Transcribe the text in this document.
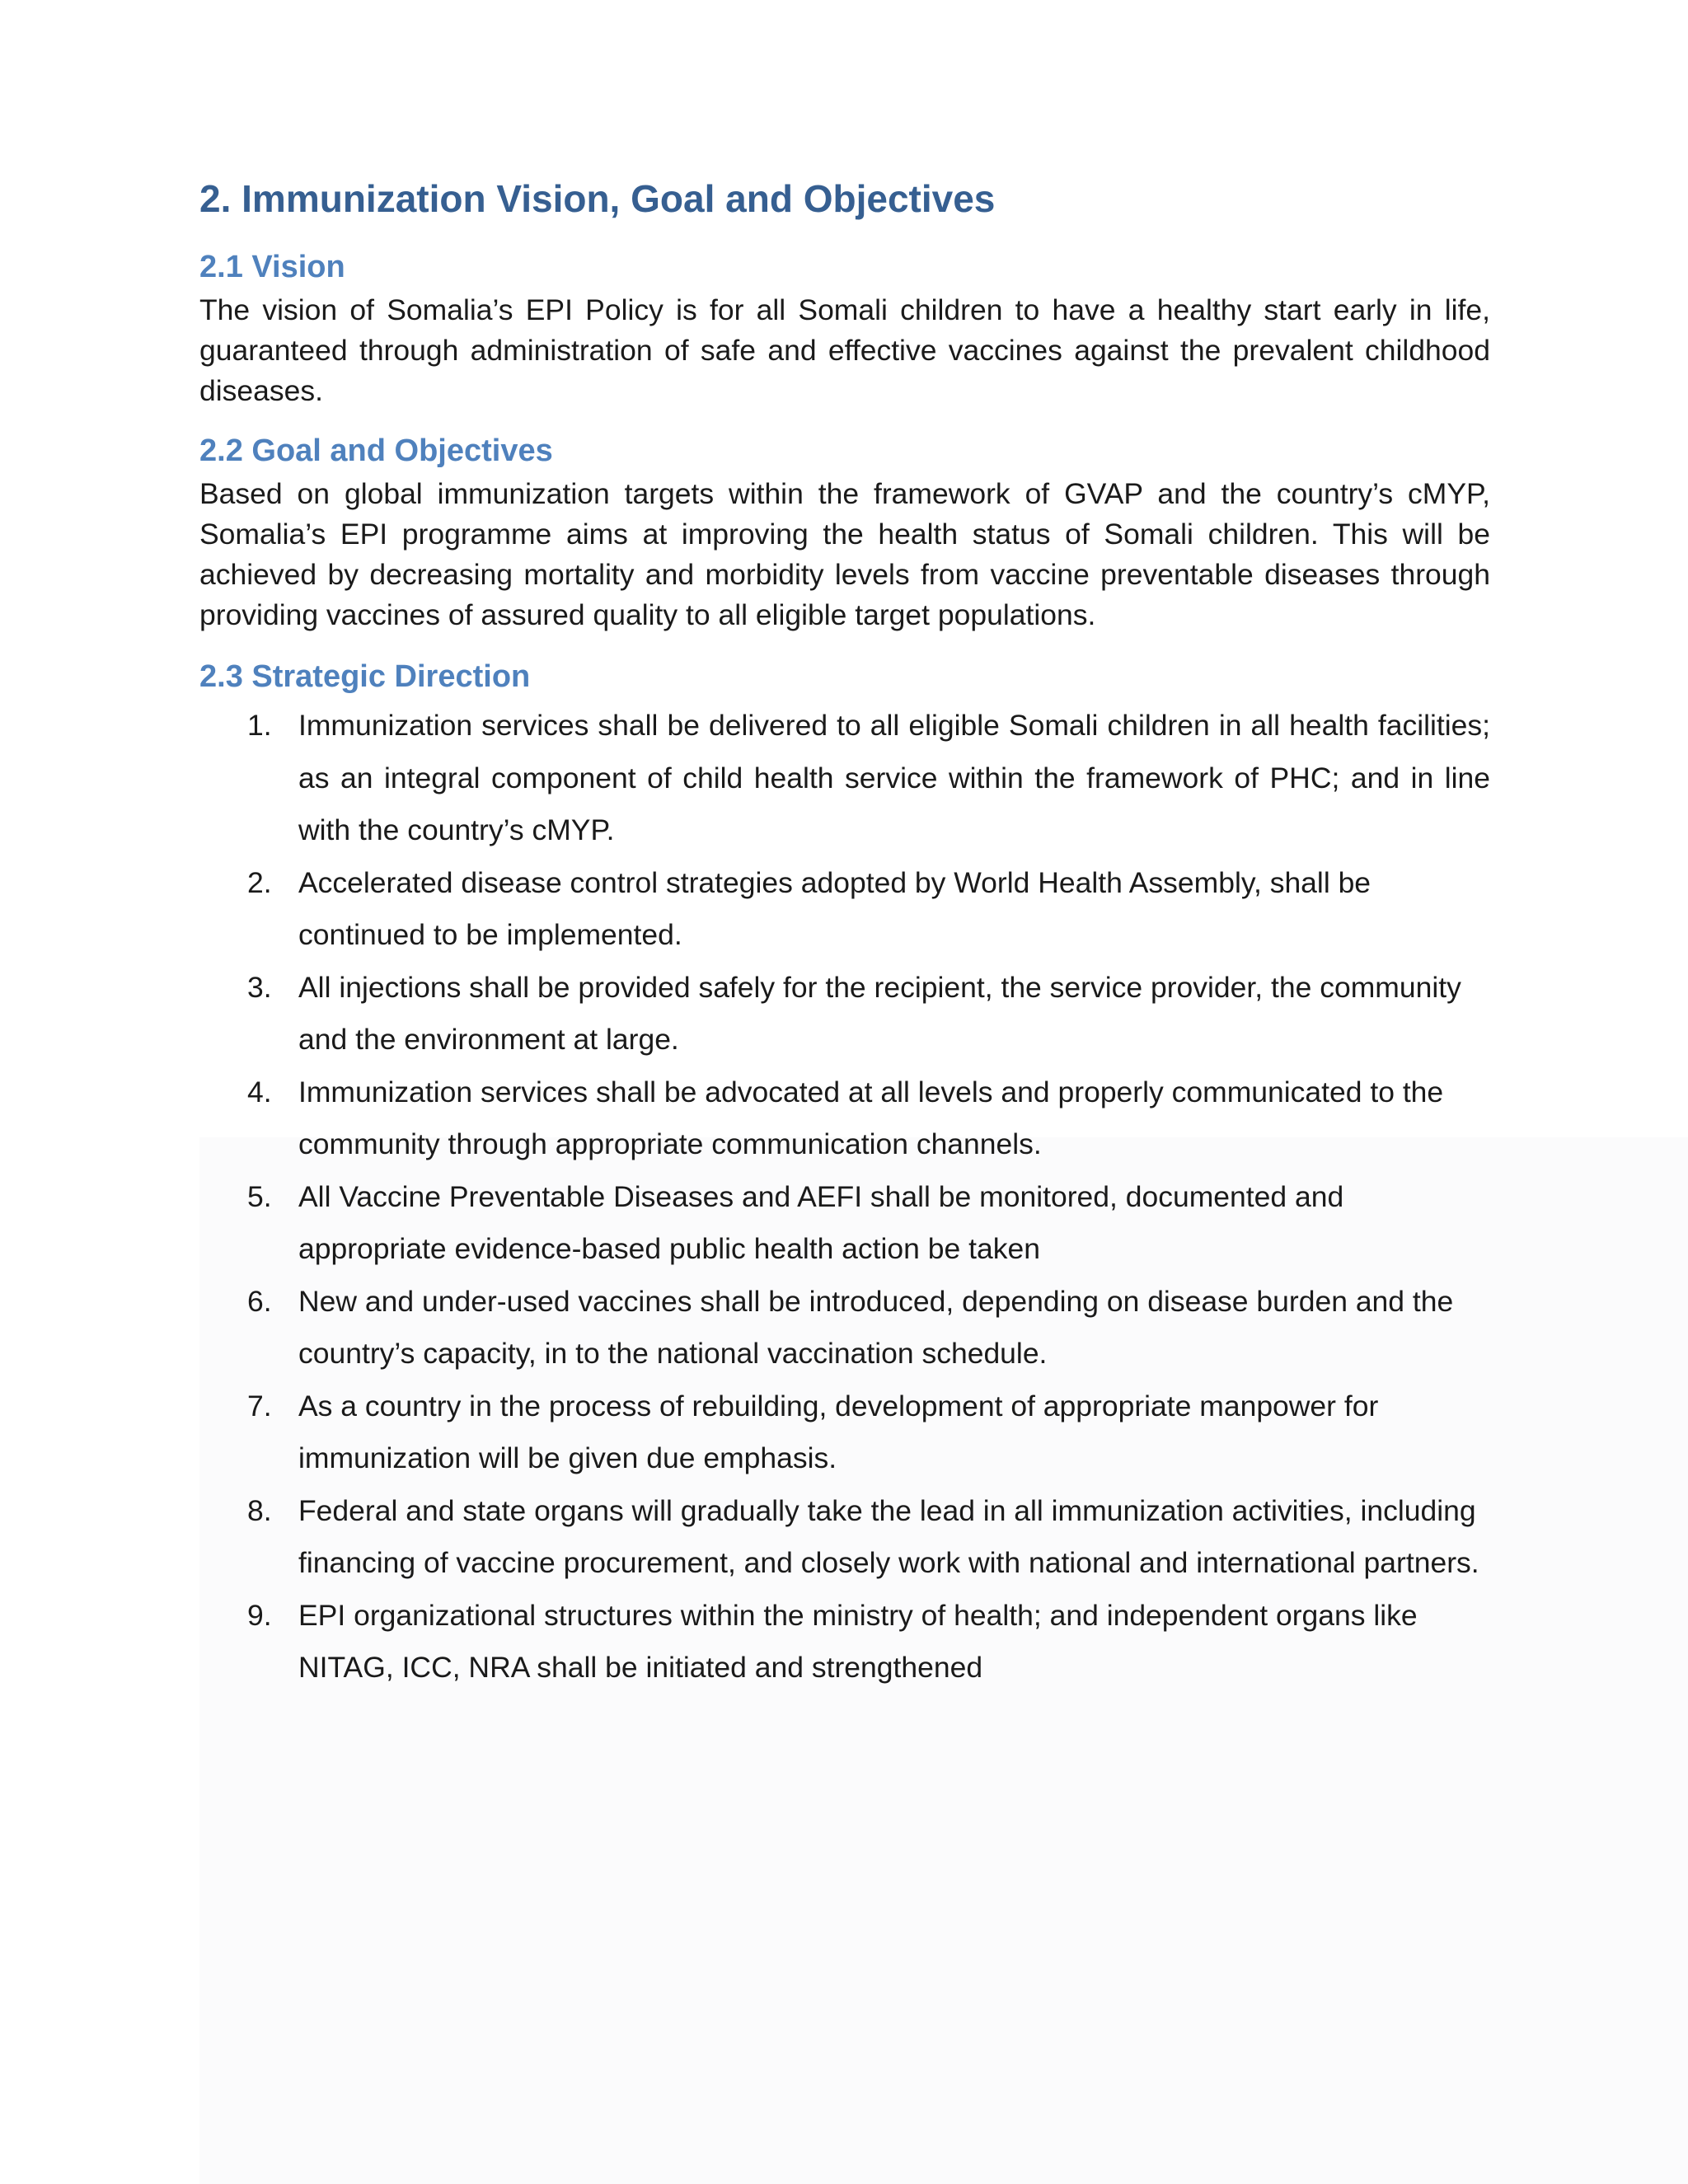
2. Immunization Vision, Goal and Objectives
2.1 Vision

The vision of Somalia’s EPI Policy is for all Somali children to have a healthy start early in life, guaranteed through administration of safe and effective vaccines against the prevalent childhood diseases.

2.2 Goal and Objectives

Based on global immunization targets within the framework of GVAP and the country’s cMYP, Somalia’s EPI programme aims at improving the health status of Somali children. This will be achieved by decreasing mortality and morbidity levels from vaccine preventable diseases through providing vaccines of assured quality to all eligible target populations.

2.3 Strategic Direction
1. Immunization services shall be delivered to all eligible Somali children in all health facilities; as an integral component of child health service within the framework of PHC; and in line with the country’s cMYP.
2. Accelerated disease control strategies adopted by World Health Assembly, shall be continued to be implemented.
3. All injections shall be provided safely for the recipient, the service provider, the community and the environment at large.
4. Immunization services shall be advocated at all levels and properly communicated to the community through appropriate communication channels.
5. All Vaccine Preventable Diseases and AEFI shall be monitored, documented and appropriate evidence-based public health action be taken
6. New and under-used vaccines shall be introduced, depending on disease burden and the country’s capacity, in to the national vaccination schedule.
7. As a country in the process of rebuilding, development of appropriate manpower for immunization will be given due emphasis.
8. Federal and state organs will gradually take the lead in all immunization activities, including financing of vaccine procurement, and closely work with national and international partners.
9. EPI organizational structures within the ministry of health; and independent organs like NITAG, ICC, NRA shall be initiated and strengthened
